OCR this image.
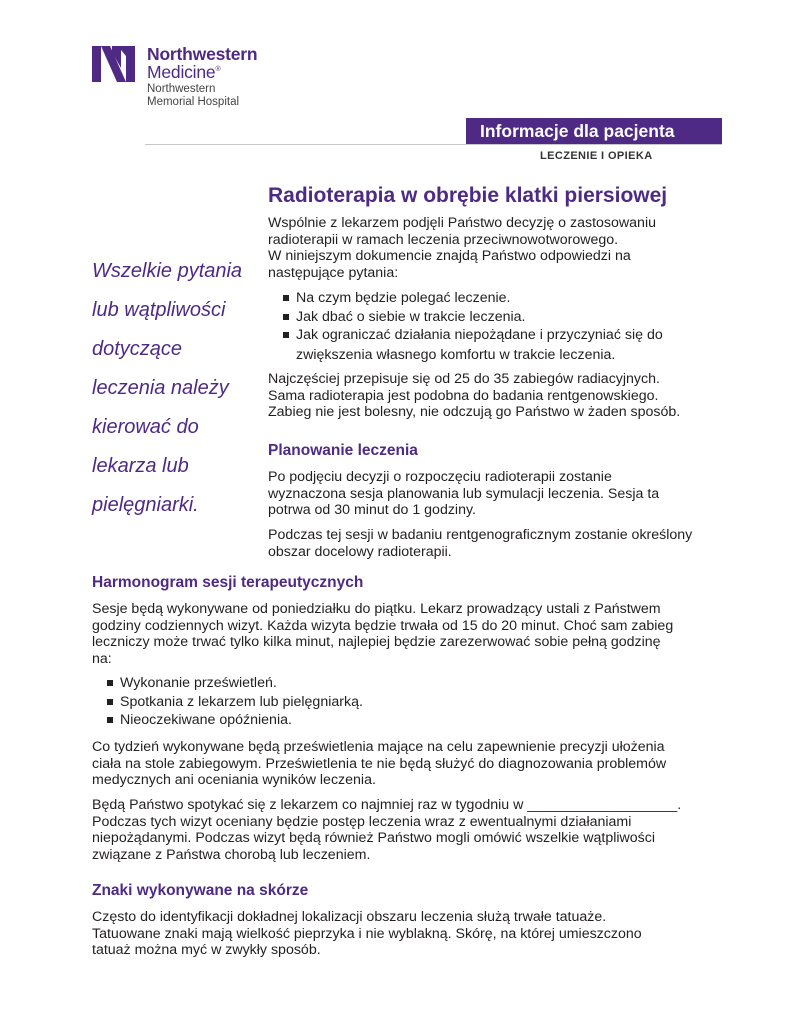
Northwestern
Medicine®
Northwestern
Memorial Hospital
Informacje dla pacjenta
LECZENIE I OPIEKA
Wszelkie pytania
lub wątpliwości
dotyczące
leczenia należy
kierować do
lekarza lub
pielęgniarki.
Radioterapia w obrębie klatki piersiowej
Wspólnie z lekarzem podjęli Państwo decyzję o zastosowaniu
radioterapii w ramach leczenia przeciwnowotworowego.
W niniejszym dokumencie znajdą Państwo odpowiedzi na
następujące pytania:
Na czym będzie polegać leczenie.
Jak dbać o siebie w trakcie leczenia.
Jak ograniczać działania niepożądane i przyczyniać się do
zwiększenia własnego komfortu w trakcie leczenia.
Najczęściej przepisuje się od 25 do 35 zabiegów radiacyjnych.
Sama radioterapia jest podobna do badania rentgenowskiego.
Zabieg nie jest bolesny, nie odczują go Państwo w żaden sposób.
Planowanie leczenia
Po podjęciu decyzji o rozpoczęciu radioterapii zostanie
wyznaczona sesja planowania lub symulacji leczenia. Sesja ta
potrwa od 30 minut do 1 godziny.
Podczas tej sesji w badaniu rentgenograficznym zostanie określony
obszar docelowy radioterapii.
Harmonogram sesji terapeutycznych
Sesje będą wykonywane od poniedziałku do piątku. Lekarz prowadzący ustali z Państwem
godziny codziennych wizyt. Każda wizyta będzie trwała od 15 do 20 minut. Choć sam zabieg
leczniczy może trwać tylko kilka minut, najlepiej będzie zarezerwować sobie pełną godzinę
na:
Wykonanie prześwietleń.
Spotkania z lekarzem lub pielęgniarką.
Nieoczekiwane opóźnienia.
Co tydzień wykonywane będą prześwietlenia mające na celu zapewnienie precyzji ułożenia
ciała na stole zabiegowym. Prześwietlenia te nie będą służyć do diagnozowania problemów
medycznych ani oceniania wyników leczenia.
Będą Państwo spotykać się z lekarzem co najmniej raz w tygodniu w ___________________.
Podczas tych wizyt oceniany będzie postęp leczenia wraz z ewentualnymi działaniami
niepożądanymi. Podczas wizyt będą również Państwo mogli omówić wszelkie wątpliwości
związane z Państwa chorobą lub leczeniem.
Znaki wykonywane na skórze
Często do identyfikacji dokładnej lokalizacji obszaru leczenia służą trwałe tatuaże.
Tatuowane znaki mają wielkość pieprzyka i nie wyblakną. Skórę, na której umieszczono
tatuaż można myć w zwykły sposób.
